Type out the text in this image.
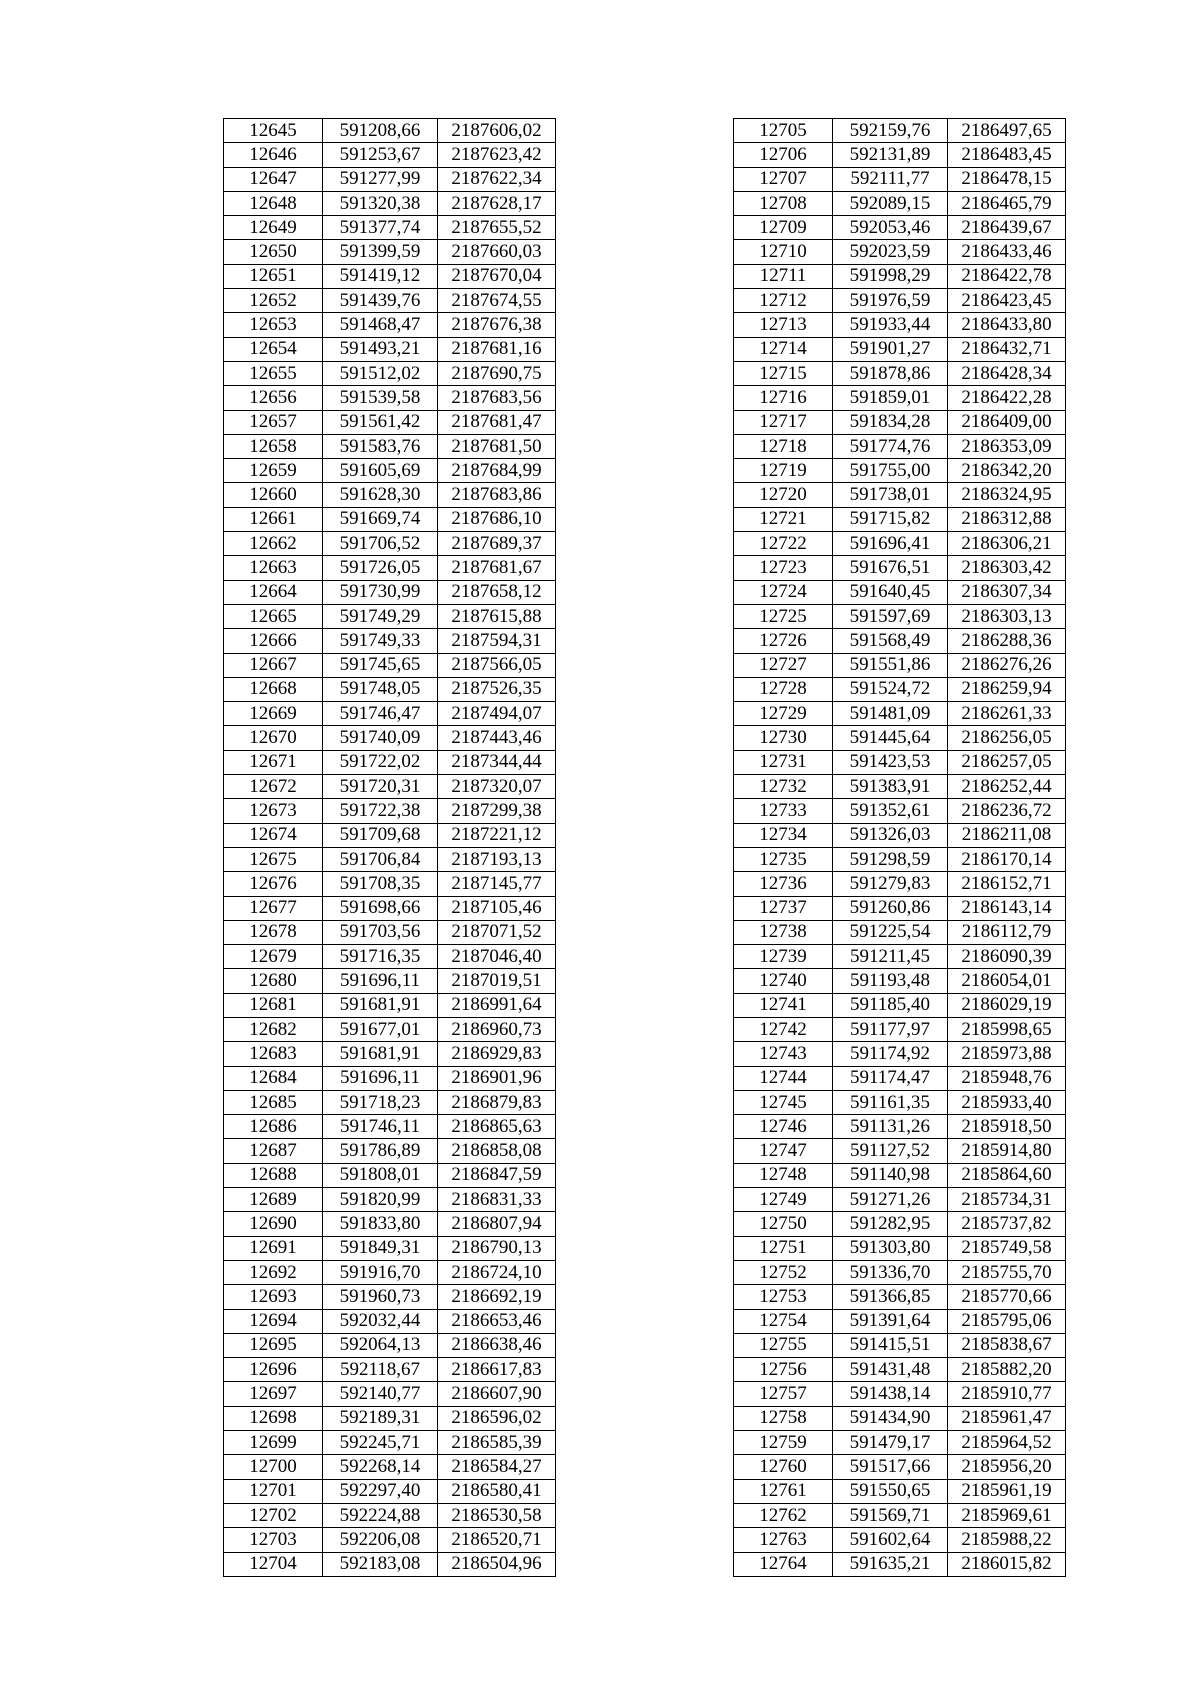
12645	591208,66	2187606,02
12646	591253,67	2187623,42
12647	591277,99	2187622,34
12648	591320,38	2187628,17
12649	591377,74	2187655,52
12650	591399,59	2187660,03
12651	591419,12	2187670,04
12652	591439,76	2187674,55
12653	591468,47	2187676,38
12654	591493,21	2187681,16
12655	591512,02	2187690,75
12656	591539,58	2187683,56
12657	591561,42	2187681,47
12658	591583,76	2187681,50
12659	591605,69	2187684,99
12660	591628,30	2187683,86
12661	591669,74	2187686,10
12662	591706,52	2187689,37
12663	591726,05	2187681,67
12664	591730,99	2187658,12
12665	591749,29	2187615,88
12666	591749,33	2187594,31
12667	591745,65	2187566,05
12668	591748,05	2187526,35
12669	591746,47	2187494,07
12670	591740,09	2187443,46
12671	591722,02	2187344,44
12672	591720,31	2187320,07
12673	591722,38	2187299,38
12674	591709,68	2187221,12
12675	591706,84	2187193,13
12676	591708,35	2187145,77
12677	591698,66	2187105,46
12678	591703,56	2187071,52
12679	591716,35	2187046,40
12680	591696,11	2187019,51
12681	591681,91	2186991,64
12682	591677,01	2186960,73
12683	591681,91	2186929,83
12684	591696,11	2186901,96
12685	591718,23	2186879,83
12686	591746,11	2186865,63
12687	591786,89	2186858,08
12688	591808,01	2186847,59
12689	591820,99	2186831,33
12690	591833,80	2186807,94
12691	591849,31	2186790,13
12692	591916,70	2186724,10
12693	591960,73	2186692,19
12694	592032,44	2186653,46
12695	592064,13	2186638,46
12696	592118,67	2186617,83
12697	592140,77	2186607,90
12698	592189,31	2186596,02
12699	592245,71	2186585,39
12700	592268,14	2186584,27
12701	592297,40	2186580,41
12702	592224,88	2186530,58
12703	592206,08	2186520,71
12704	592183,08	2186504,96
12705	592159,76	2186497,65
12706	592131,89	2186483,45
12707	592111,77	2186478,15
12708	592089,15	2186465,79
12709	592053,46	2186439,67
12710	592023,59	2186433,46
12711	591998,29	2186422,78
12712	591976,59	2186423,45
12713	591933,44	2186433,80
12714	591901,27	2186432,71
12715	591878,86	2186428,34
12716	591859,01	2186422,28
12717	591834,28	2186409,00
12718	591774,76	2186353,09
12719	591755,00	2186342,20
12720	591738,01	2186324,95
12721	591715,82	2186312,88
12722	591696,41	2186306,21
12723	591676,51	2186303,42
12724	591640,45	2186307,34
12725	591597,69	2186303,13
12726	591568,49	2186288,36
12727	591551,86	2186276,26
12728	591524,72	2186259,94
12729	591481,09	2186261,33
12730	591445,64	2186256,05
12731	591423,53	2186257,05
12732	591383,91	2186252,44
12733	591352,61	2186236,72
12734	591326,03	2186211,08
12735	591298,59	2186170,14
12736	591279,83	2186152,71
12737	591260,86	2186143,14
12738	591225,54	2186112,79
12739	591211,45	2186090,39
12740	591193,48	2186054,01
12741	591185,40	2186029,19
12742	591177,97	2185998,65
12743	591174,92	2185973,88
12744	591174,47	2185948,76
12745	591161,35	2185933,40
12746	591131,26	2185918,50
12747	591127,52	2185914,80
12748	591140,98	2185864,60
12749	591271,26	2185734,31
12750	591282,95	2185737,82
12751	591303,80	2185749,58
12752	591336,70	2185755,70
12753	591366,85	2185770,66
12754	591391,64	2185795,06
12755	591415,51	2185838,67
12756	591431,48	2185882,20
12757	591438,14	2185910,77
12758	591434,90	2185961,47
12759	591479,17	2185964,52
12760	591517,66	2185956,20
12761	591550,65	2185961,19
12762	591569,71	2185969,61
12763	591602,64	2185988,22
12764	591635,21	2186015,82
